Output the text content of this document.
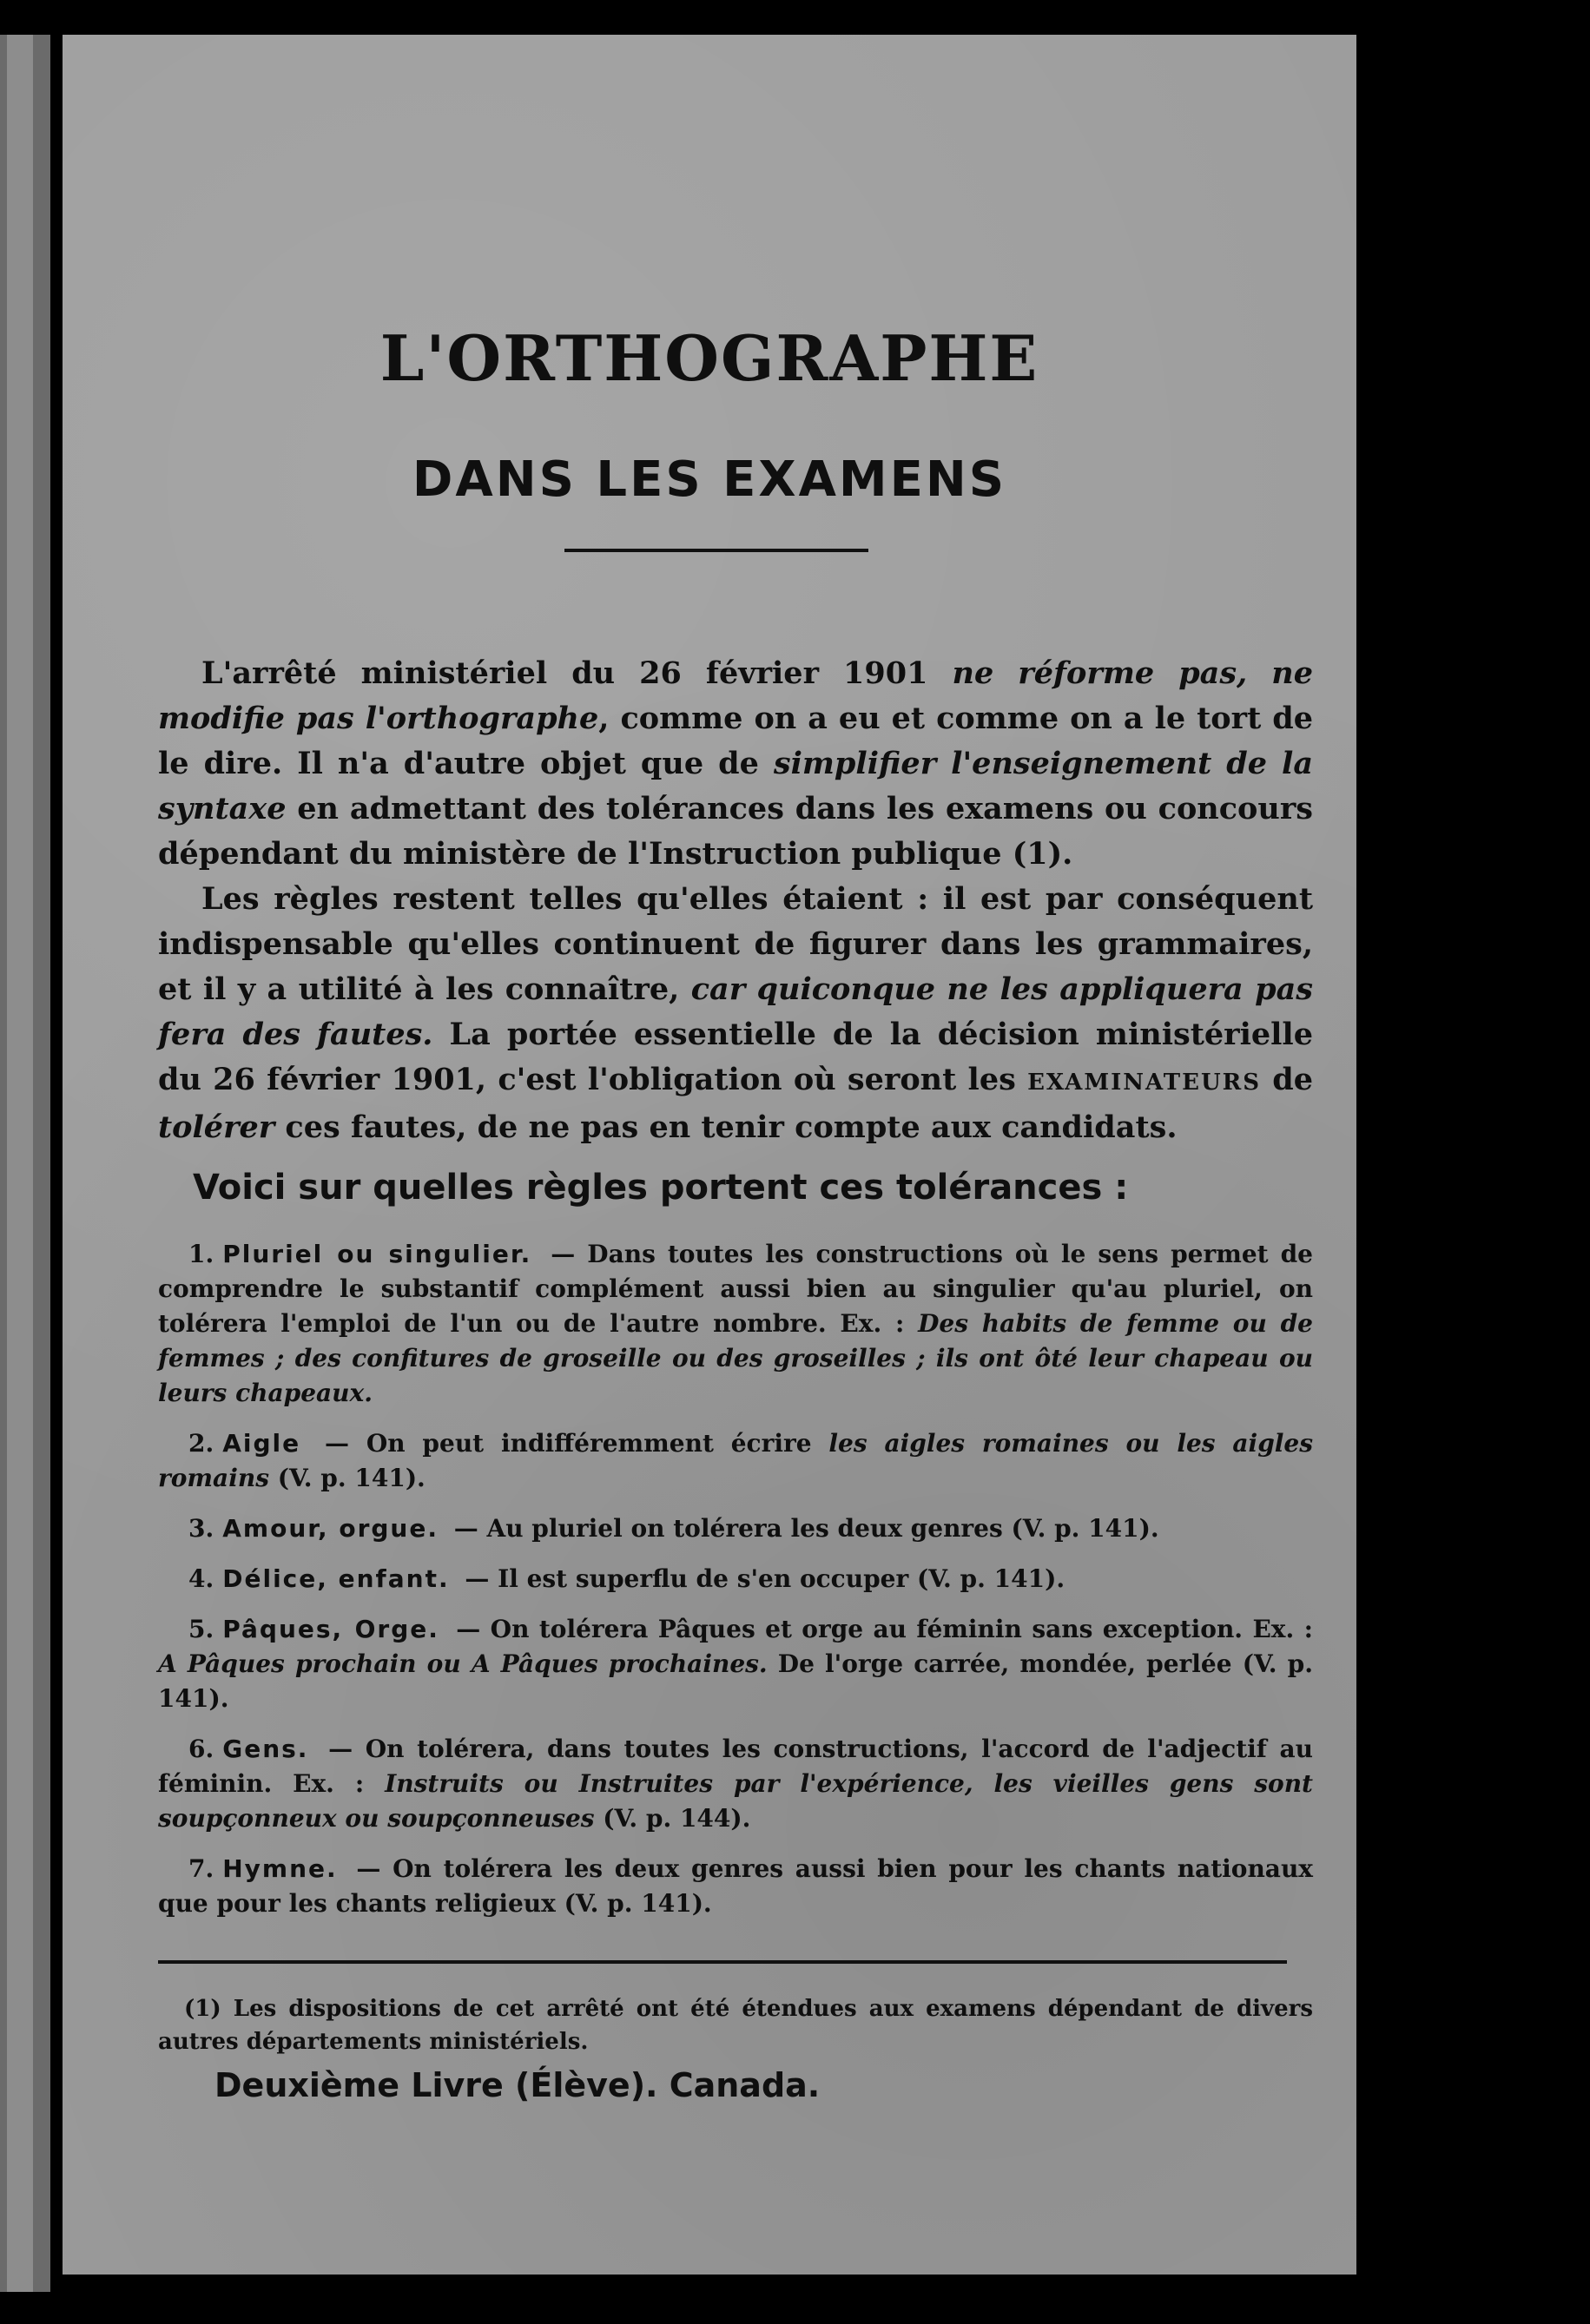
L'ORTHOGRAPHE
DANS LES EXAMENS

L'arrêté ministériel du 26 février 1901 ne réforme pas, ne modifie pas l'orthographe, comme on a eu et comme on a le tort de le dire. Il n'a d'autre objet que de simplifier l'enseignement de la syntaxe en admettant des tolérances dans les examens ou concours dépendant du ministère de l'Instruction publique (1).

Les règles restent telles qu'elles étaient : il est par conséquent indispensable qu'elles continuent de figurer dans les grammaires, et il y a utilité à les connaître, car quiconque ne les appliquera pas fera des fautes. La portée essentielle de la décision ministérielle du 26 février 1901, c'est l'obligation où seront les EXAMINATEURS de tolérer ces fautes, de ne pas en tenir compte aux candidats.

Voici sur quelles règles portent ces tolérances :

1. Pluriel ou singulier. — Dans toutes les constructions où le sens permet de comprendre le substantif complément aussi bien au singulier qu'au pluriel, on tolérera l'emploi de l'un ou de l'autre nombre. Ex. : Des habits de femme ou de femmes ; des confitures de groseille ou des groseilles ; ils ont ôté leur chapeau ou leurs chapeaux.

2. Aigle — On peut indifféremment écrire les aigles romaines ou les aigles romains (V. p. 141).

3. Amour, orgue. — Au pluriel on tolérera les deux genres (V. p. 141).

4. Délice, enfant. — Il est superflu de s'en occuper (V. p. 141).

5. Pâques, Orge. — On tolérera Pâques et orge au féminin sans exception. Ex. : A Pâques prochain ou A Pâques prochaines. De l'orge carrée, mondée, perlée (V. p. 141).

6. Gens. — On tolérera, dans toutes les constructions, l'accord de l'adjectif au féminin. Ex. : Instruits ou Instruites par l'expérience, les vieilles gens sont soupçonneux ou soupçonneuses (V. p. 144).

7. Hymne. — On tolérera les deux genres aussi bien pour les chants nationaux que pour les chants religieux (V. p. 141).

(1) Les dispositions de cet arrêté ont été étendues aux examens dépendant de divers autres départements ministériels.
Deuxième Livre (Élève). Canada.
